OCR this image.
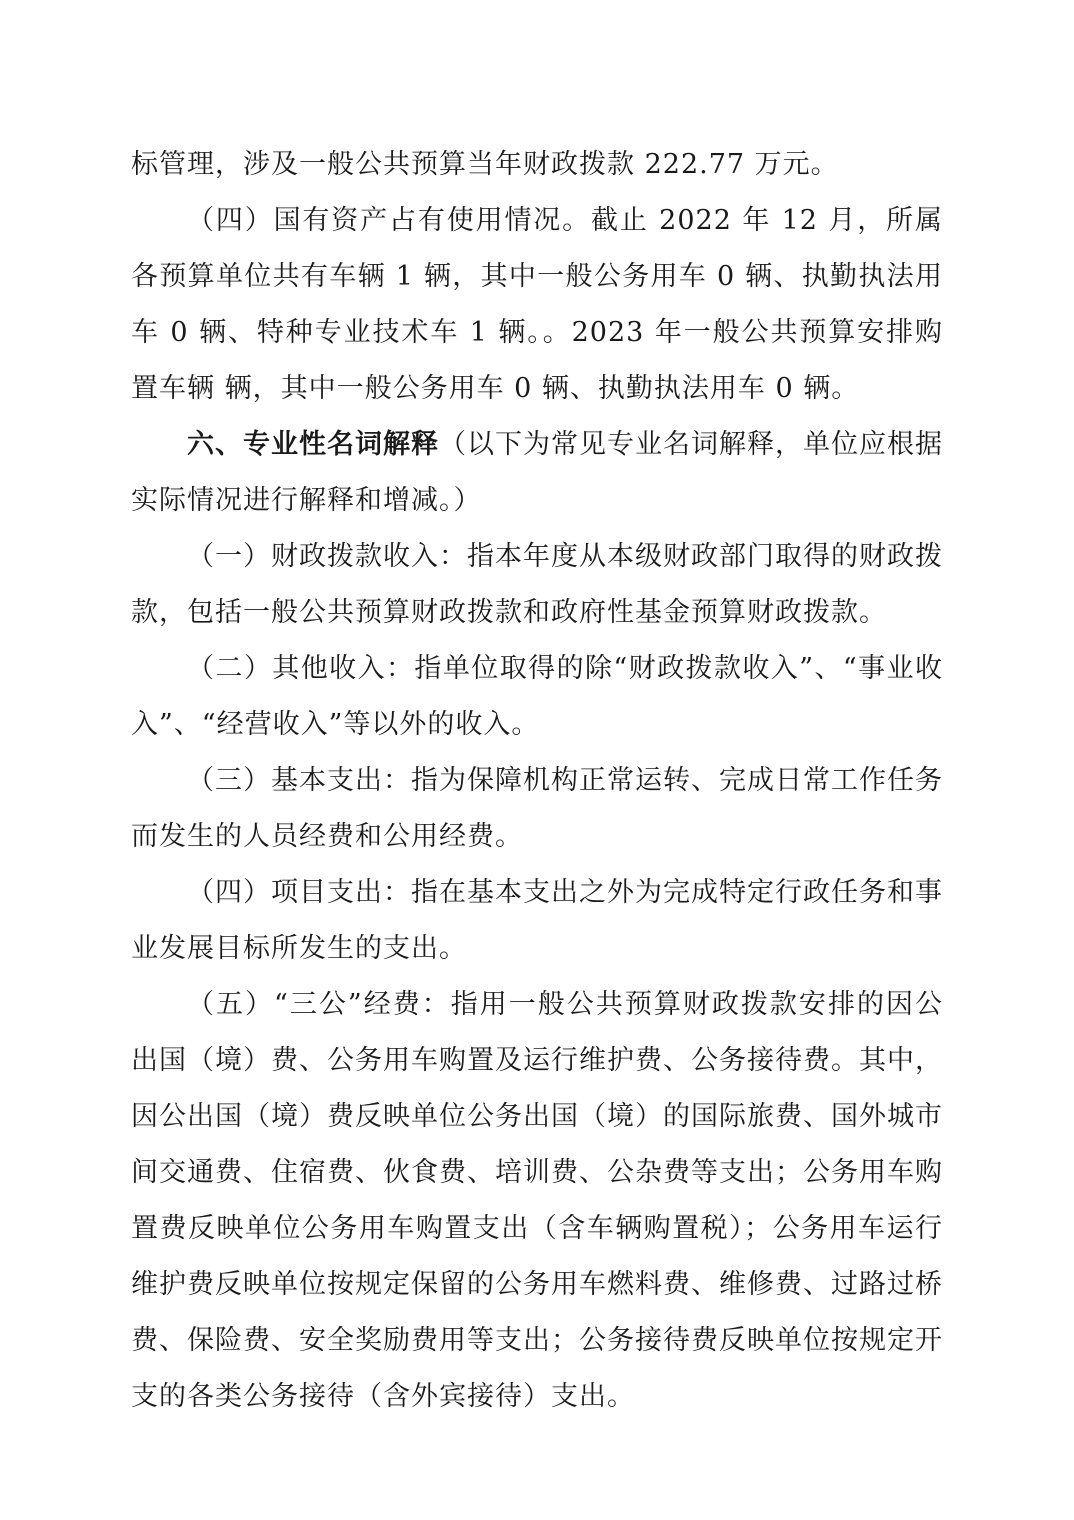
标管理，涉及一般公共预算当年财政拨款 222.77 万元。

（四）国有资产占有使用情况。截止 2022 年 12 月，所属各预算单位共有车辆 1 辆，其中一般公务用车 0 辆、执勤执法用车 0 辆、特种专业技术车 1 辆。。2023 年一般公共预算安排购置车辆 辆，其中一般公务用车 0 辆、执勤执法用车 0 辆。

六、专业性名词解释（以下为常见专业名词解释，单位应根据实际情况进行解释和增减。）

（一）财政拨款收入：指本年度从本级财政部门取得的财政拨款，包括一般公共预算财政拨款和政府性基金预算财政拨款。

（二）其他收入：指单位取得的除“财政拨款收入”、“事业收入”、“经营收入”等以外的收入。

（三）基本支出：指为保障机构正常运转、完成日常工作任务而发生的人员经费和公用经费。

（四）项目支出：指在基本支出之外为完成特定行政任务和事业发展目标所发生的支出。

（五）“三公”经费：指用一般公共预算财政拨款安排的因公出国（境）费、公务用车购置及运行维护费、公务接待费。其中，因公出国（境）费反映单位公务出国（境）的国际旅费、国外城市间交通费、住宿费、伙食费、培训费、公杂费等支出；公务用车购置费反映单位公务用车购置支出（含车辆购置税）；公务用车运行维护费反映单位按规定保留的公务用车燃料费、维修费、过路过桥费、保险费、安全奖励费用等支出；公务接待费反映单位按规定开支的各类公务接待（含外宾接待）支出。
